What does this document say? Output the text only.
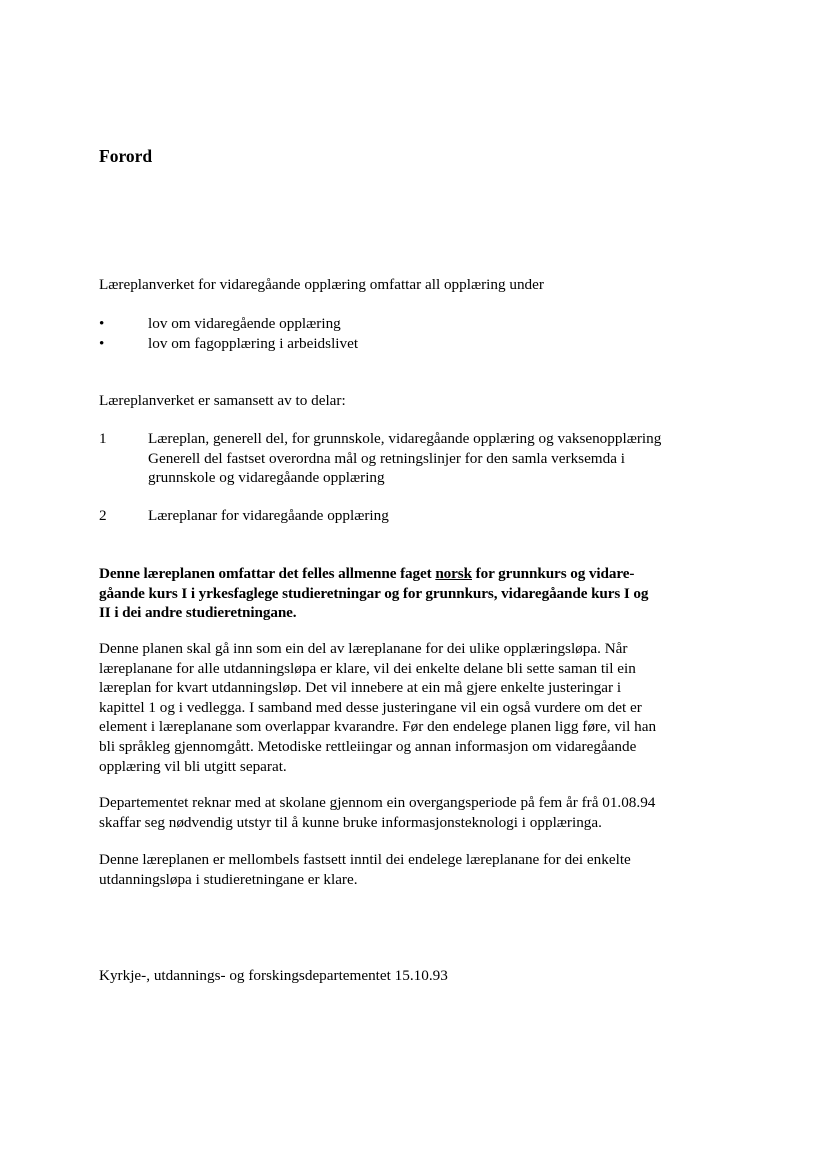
Forord

Læreplanverket for vidaregåande opplæring omfattar all opplæring under

•	lov om vidaregående opplæring
•	lov om fagopplæring i arbeidslivet

Læreplanverket er samansett av to delar:

1	Læreplan, generell del, for grunnskole, vidaregåande opplæring og vaksenopplæring
Generell del fastset overordna mål og retningslinjer for den samla verksemda i
grunnskole og vidaregåande opplæring
2	Læreplanar for vidaregåande opplæring

Denne læreplanen omfattar det felles allmenne faget norsk for grunnkurs og vidare-
gåande kurs I i yrkesfaglege studieretningar og for grunnkurs, vidaregåande kurs I og
II i dei andre studieretningane.

Denne planen skal gå inn som ein del av læreplanane for dei ulike opplæringsløpa. Når
læreplanane for alle utdanningsløpa er klare, vil dei enkelte delane bli sette saman til ein
læreplan for kvart utdanningsløp. Det vil innebere at ein må gjere enkelte justeringar i
kapittel 1 og i vedlegga. I samband med desse justeringane vil ein også vurdere om det er
element i læreplanane som overlappar kvarandre. Før den endelege planen ligg føre, vil han
bli språkleg gjennomgått. Metodiske rettleiingar og annan informasjon om vidaregåande
opplæring vil bli utgitt separat.

Departementet reknar med at skolane gjennom ein overgangsperiode på fem år frå 01.08.94
skaffar seg nødvendig utstyr til å kunne bruke informasjonsteknologi i opplæringa.

Denne læreplanen er mellombels fastsett inntil dei endelege læreplanane for dei enkelte
utdanningsløpa i studieretningane er klare.

Kyrkje-, utdannings- og forskingsdepartementet 15.10.93
